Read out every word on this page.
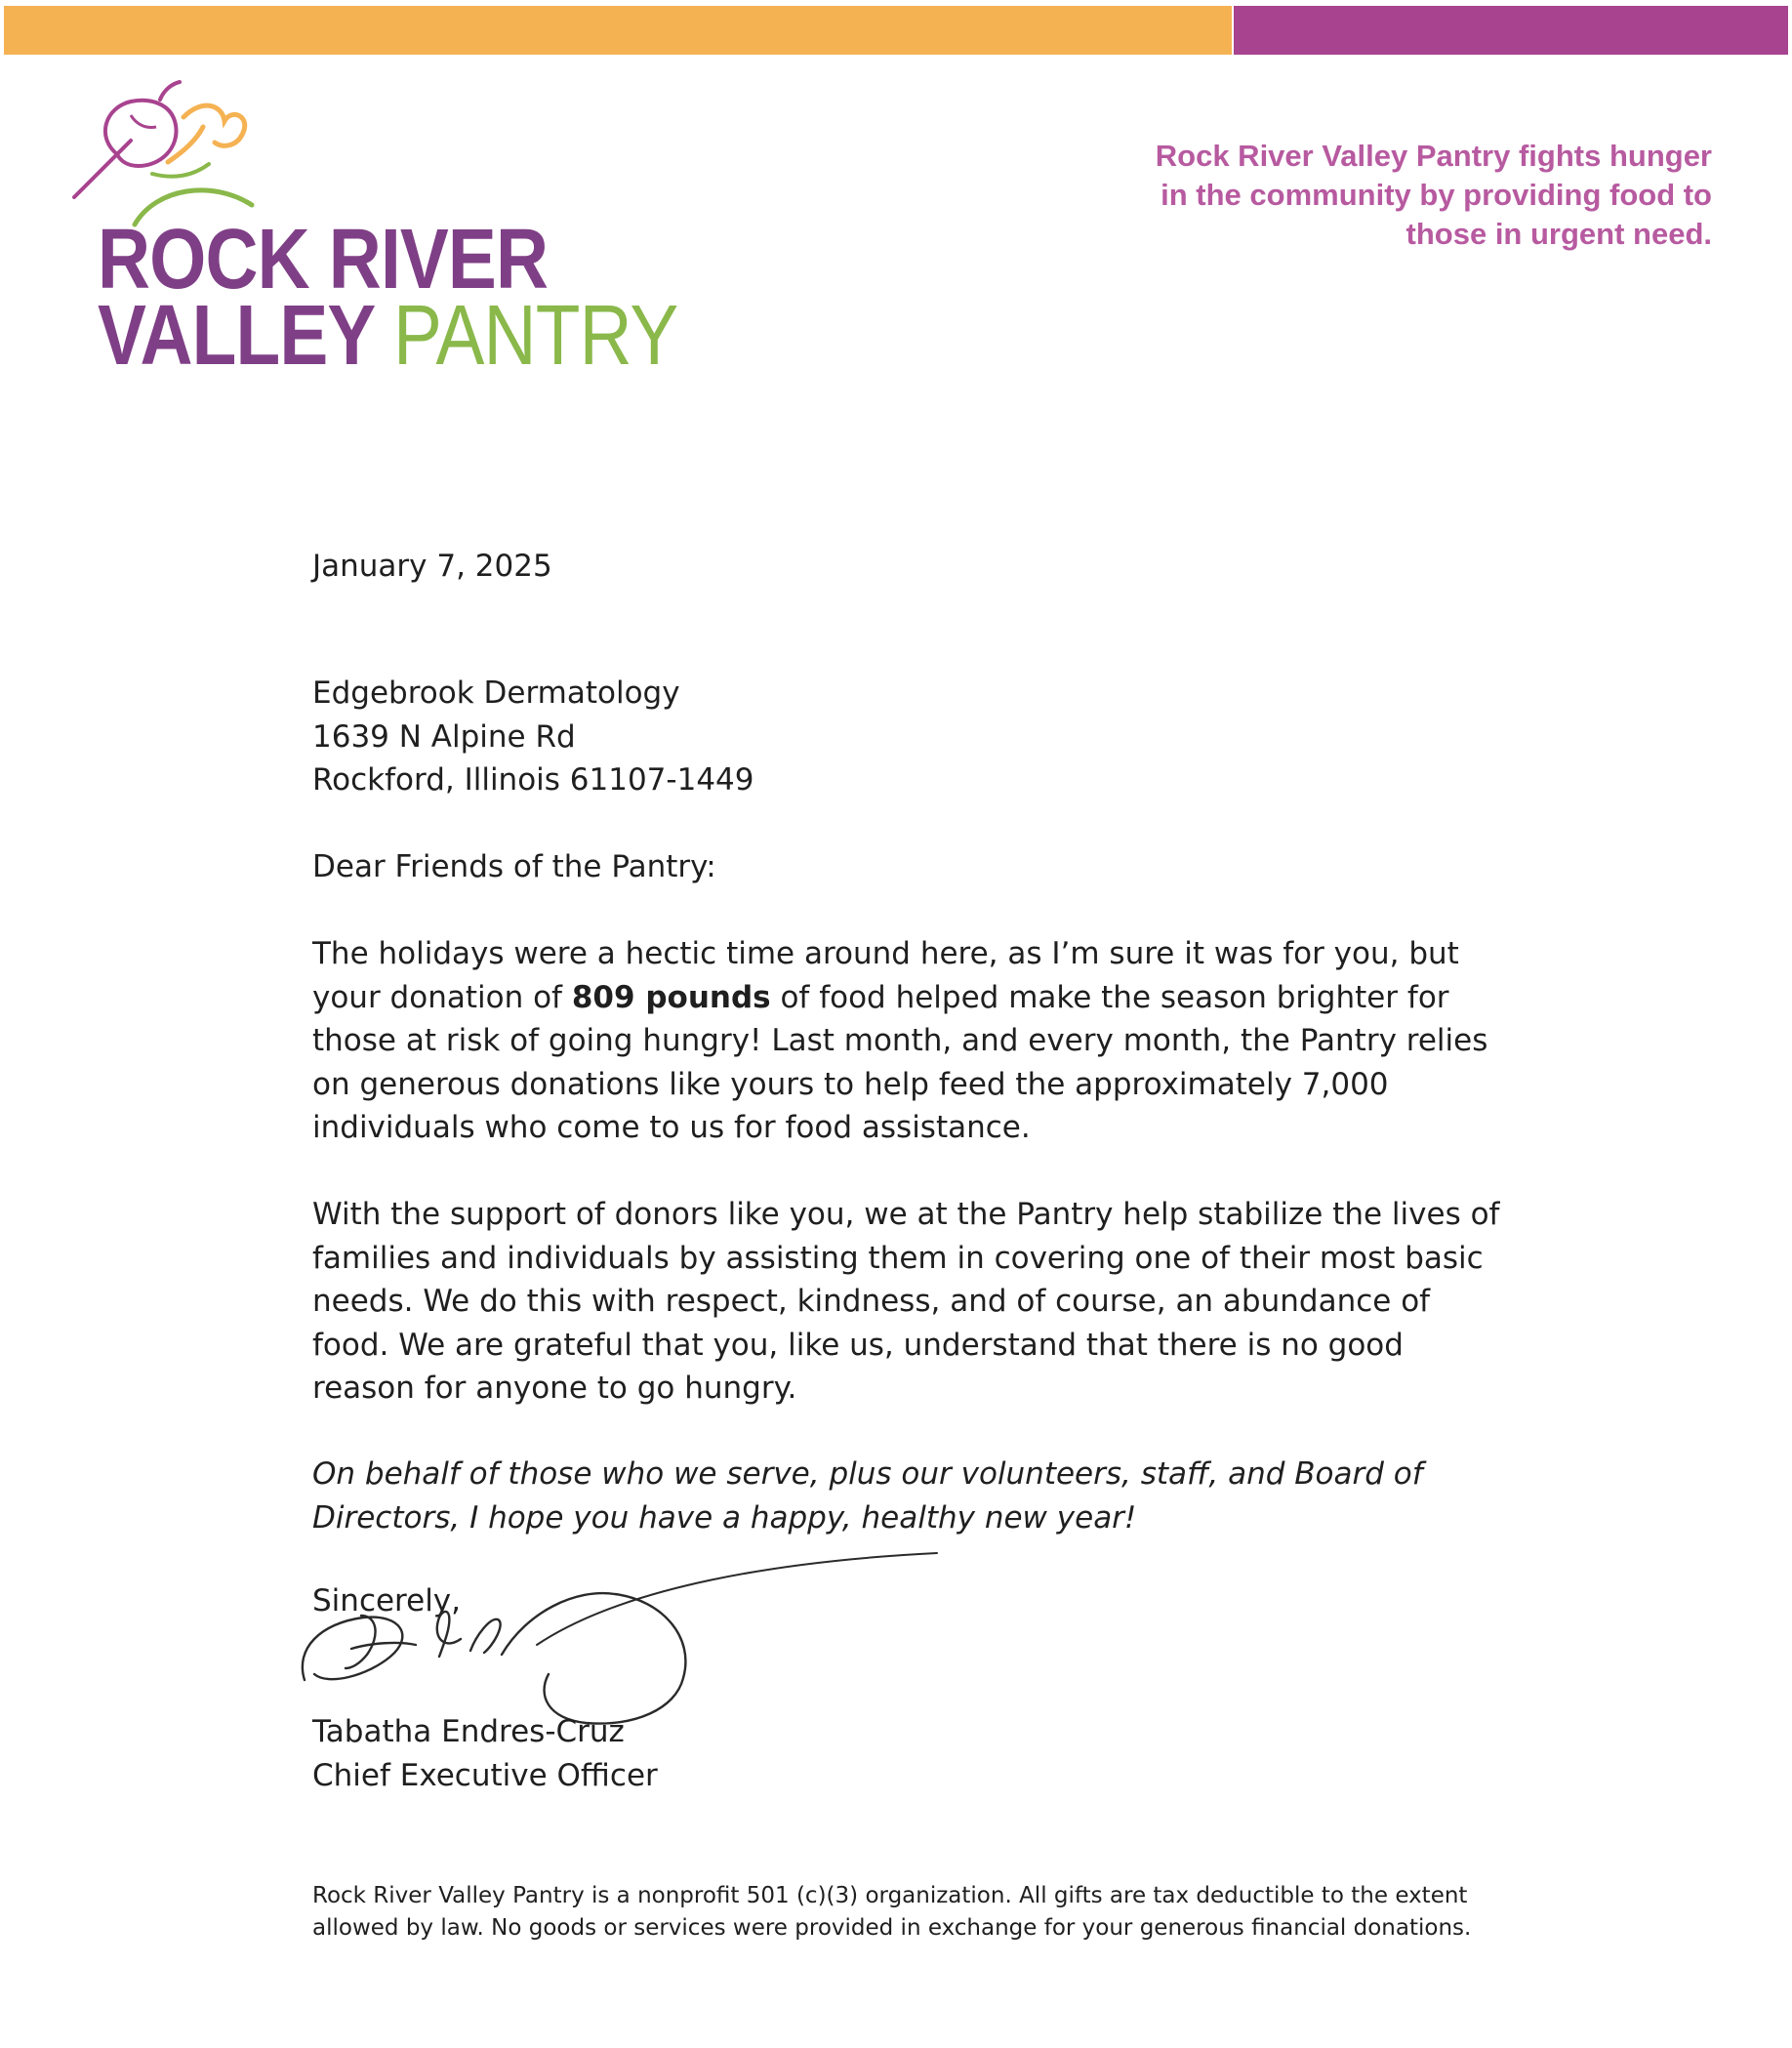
ROCK RIVER
VALLEY PANTRY
Rock River Valley Pantry fights hunger
in the community by providing food to
those in urgent need.
January 7, 2025
Edgebrook Dermatology
1639 N Alpine Rd
Rockford, Illinois 61107-1449
Dear Friends of the Pantry:

The holidays were a hectic time around here, as I’m sure it was for you, but your donation of 809 pounds of food helped make the season brighter for those at risk of going hungry! Last month, and every month, the Pantry relies on generous donations like yours to help feed the approximately 7,000 individuals who come to us for food assistance.

With the support of donors like you, we at the Pantry help stabilize the lives of families and individuals by assisting them in covering one of their most basic needs. We do this with respect, kindness, and of course, an abundance of food. We are grateful that you, like us, understand that there is no good reason for anyone to go hungry.

On behalf of those who we serve, plus our volunteers, staff, and Board of Directors, I hope you have a happy, healthy new year!

Sincerely,
Tabatha Endres-Cruz
Chief Executive Officer
Rock River Valley Pantry is a nonprofit 501 (c)(3) organization. All gifts are tax deductible to the extent
allowed by law. No goods or services were provided in exchange for your generous financial donations.
